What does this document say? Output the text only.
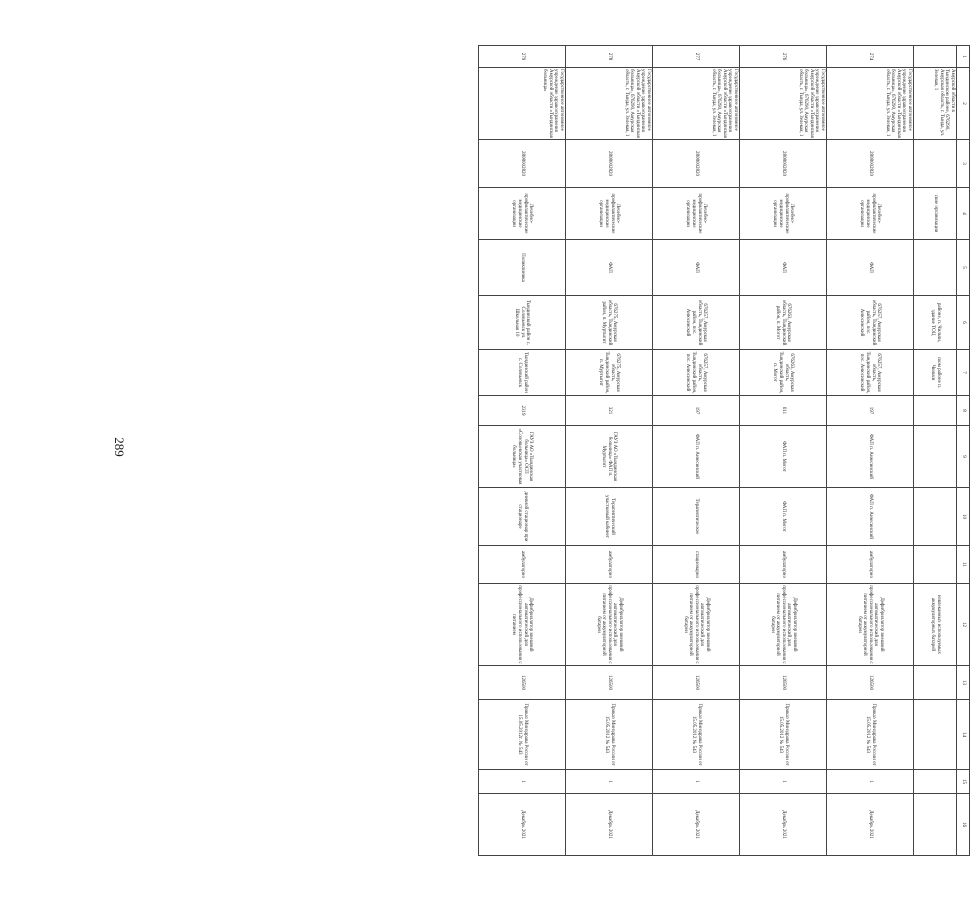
289
1	2	3	4	5	6	7	8	9	10	11	12	13	14	15	16
	Амурской области в Тындинском районе, 676290, Амурская область, г. Тында, ул. Зелевая, 1		ские организации		районе, п. Чильчи, здание ТОЦ	ском районе п. Чильчи					извлекаемых используемых аккумуляторных батарей				
274	Государственное автономное учреждение здравоохранения Амурской области «Тындинская больница», 676290, Амурская область, г. Тында, ул. Зелевая, 1	2808002820	Лечебно-профилактические медицинские организации	ФАП	676257, Амурская область, Тындинский район, пос. Анюсинский	676257, Амурская область, Тындинский район, пос. Анюсинский	197	ФАП п. Анюсинский	ФАП п. Анюсинский	амбулаторно	Дефибриллятор внешний автоматический для профессионального использования с питанием от аккумуляторной батареи	126500	Приказ Минздрава России от 15.05.2012 № 543	1	Декабрь 2021
276	Государственное автономное учреждение здравоохранения Амурской области «Тындинская больница», 676290, Амурская область, г. Тында, ул. Зелевая, 1	2808002820	Лечебно-профилактические медицинские организации	ФАП	676263, Амурская область, Тындинский район, п. Могот	676263, Амурская область, Тындинский район, п. Могот	611	ФАП п. Могот	ФАП п. Могот	амбулаторно	Дефибриллятор внешний автоматический для профессионального использования с питанием от аккумуляторной батареи	126500	Приказ Минздрава России от 15.05.2012 № 543	1	Декабрь 2021
277	Государственное автономное учреждение здравоохранения Амурской области «Тындинская больница», 676290, Амурская область, г. Тында, ул. Зелевая, 1	2808002820	Лечебно-профилактические медицинские организации	ФАП	676257, Амурская область, Тындинский район, пос. Анюсинский	676257, Амурская область, Тындинский район, пос. Анюсинский	197	ФАП п. Анюсинский	Терапевтическое	стационарно	Дефибриллятор внешний автоматический для профессионального использования с питанием от аккумуляторной батареи	126500	Приказ Минздрава России от 15.05.2012 № 543	1	Декабрь 2021
278	Государственное автономное учреждение здравоохранения Амурской области «Тындинская больница», 676290, Амурская область, г. Тында, ул. Зелевая, 1	2808002820	Лечебно-профилактические медицинские организации	ФАП	676275, Амурская область, Тындинский район, п. Муртыгит	676275, Амурская область, Тындинский район, п. Муртыгит	321	ГАУЗ АО «Тындинская больница» ФАП п. Муртыгит	Терапевтический участковый кабинет	амбулаторно	Дефибриллятор внешний автоматический для профессионального использования с питанием от аккумуляторной батареи	126500	Приказ Минздрава России от 15.05.2012 № 543	1	Декабрь 2021
279	Государственное автономное учреждение здравоохранения Амурской области «Тындинская больница»	2808002820	Лечебно-профилактические медицинские организации	Поликлиника	Тындинский район с. Соловьевск ул. Школьная 10	Тындинский район с. Соловьевск	2319	ГАУЗ АО «Тындинская больница» ОСП «Соловьевская участковая больница»	дневной стационар при стационаре	амбулаторно	Дефибриллятор внешний автоматический для профессионального использования с питанием	126500	Приказ Минздрава России от 15.05.2012г. № 543	1	Декабрь 2021
